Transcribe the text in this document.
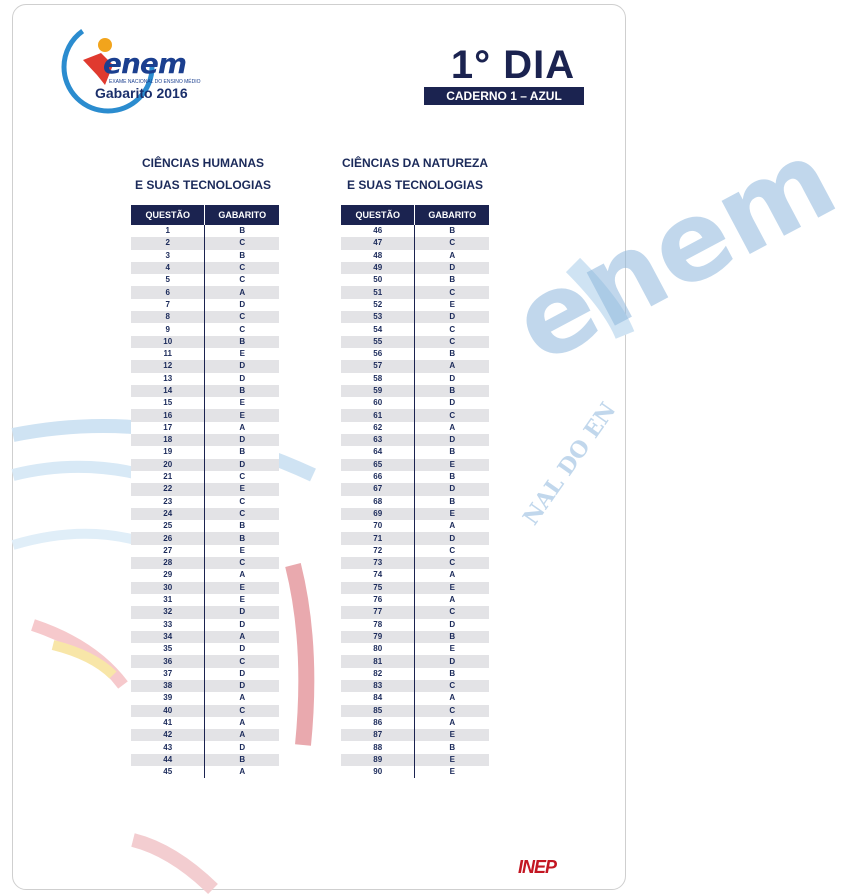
enem
NAL DO EN
enem
EXAME NACIONAL DO ENSINO MÉDIO
Gabarito 2016
1° DIA
CADERNO 1 – AZUL
CIÊNCIAS HUMANAS
E SUAS TECNOLOGIAS
CIÊNCIAS DA NATUREZA
E SUAS TECNOLOGIAS
QUESTÃO	GABARITO
1	B
2	C
3	B
4	C
5	C
6	A
7	D
8	C
9	C
10	B
11	E
12	D
13	D
14	B
15	E
16	E
17	A
18	D
19	B
20	D
21	C
22	E
23	C
24	C
25	B
26	B
27	E
28	C
29	A
30	E
31	E
32	D
33	D
34	A
35	D
36	C
37	D
38	D
39	A
40	C
41	A
42	A
43	D
44	B
45	A
QUESTÃO	GABARITO
46	B
47	C
48	A
49	D
50	B
51	C
52	E
53	D
54	C
55	C
56	B
57	A
58	D
59	B
60	D
61	C
62	A
63	D
64	B
65	E
66	B
67	D
68	B
69	E
70	A
71	D
72	C
73	C
74	A
75	E
76	A
77	C
78	D
79	B
80	E
81	D
82	B
83	C
84	A
85	C
86	A
87	E
88	B
89	E
90	E
INEP
